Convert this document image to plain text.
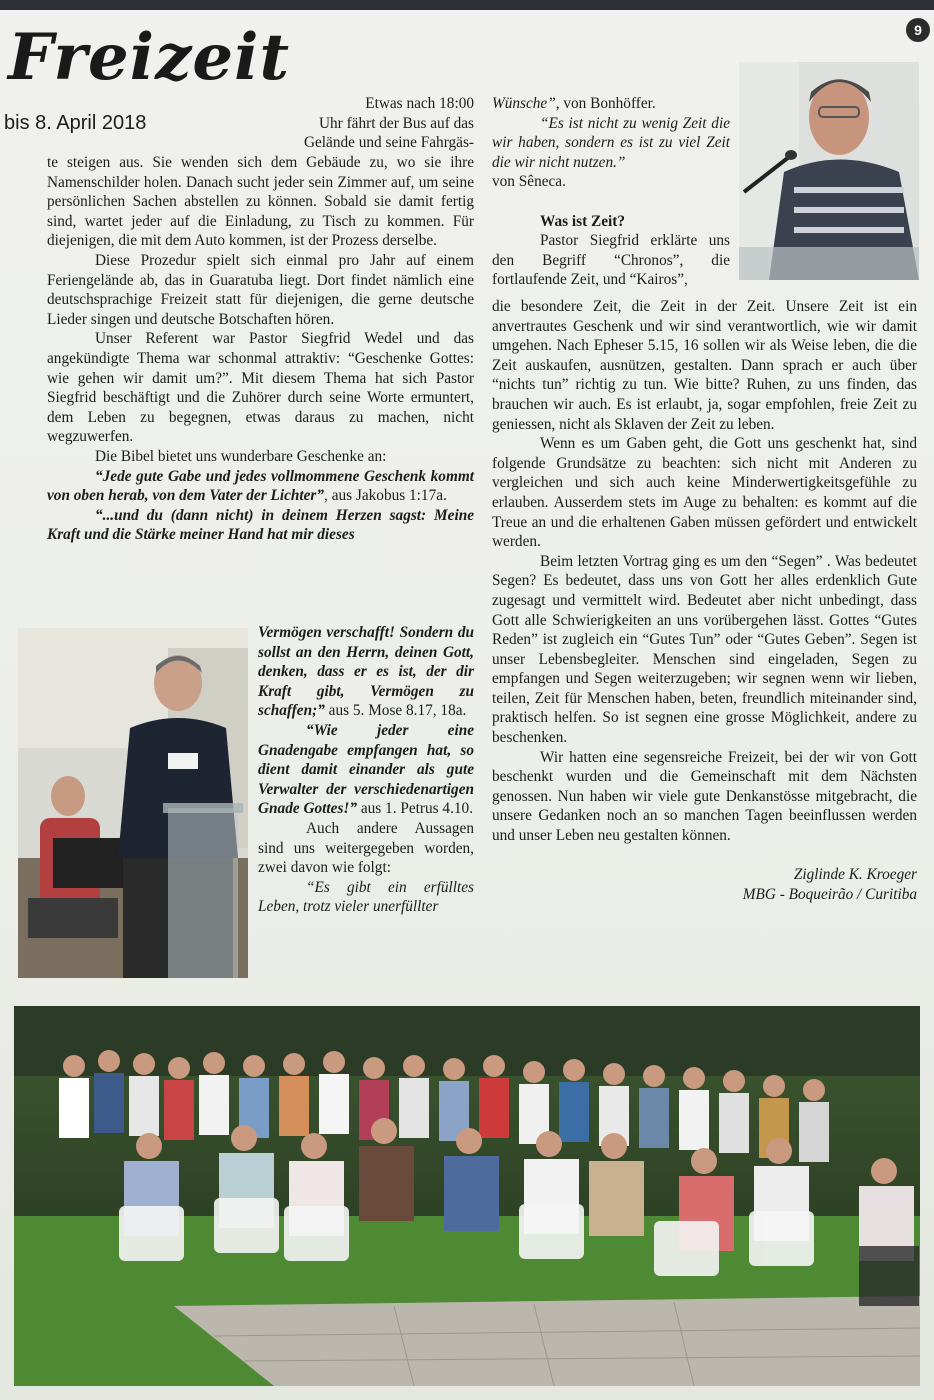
9
Freizeit
bis 8. April 2018

Etwas nach 18:00

Uhr fährt der Bus auf das

Gelände und seine Fahrgäs-

te steigen aus. Sie wenden sich dem Gebäude zu, wo sie ihre Namenschilder holen. Danach sucht jeder sein Zimmer auf, um seine persönlichen Sachen abstellen zu können. Sobald sie damit fertig sind, wartet jeder auf die Einladung, zu Tisch zu kommen. Für diejenigen, die mit dem Auto kommen, ist der Prozess derselbe.

Diese Prozedur spielt sich einmal pro Jahr auf einem Feriengelände ab, das in Guaratuba liegt. Dort findet nämlich eine deutschsprachige Freizeit statt für diejenigen, die gerne deutsche Lieder singen und deutsche Botschaften hören.

Unser Referent war Pastor Siegfrid Wedel und das angekündigte Thema war schonmal attraktiv: “Geschenke Gottes: wie gehen wir damit um?”. Mit diesem Thema hat sich Pastor Siegfrid beschäftigt und die Zuhörer durch seine Worte ermuntert, dem Leben zu begegnen, etwas daraus zu machen, nicht wegzuwerfen.

Die Bibel bietet uns wunderbare Geschenke an:

“Jede gute Gabe und jedes vollmommene Geschenk kommt von oben herab, von dem Vater der Lichter”, aus Jakobus 1:17a.

“...und du (dann nicht) in deinem Herzen sagst: Meine Kraft und die Stärke meiner Hand hat mir dieses

Vermögen verschafft! Sondern du sollst an den Herrn, deinen Gott, denken, dass er es ist, der dir Kraft gibt, Vermögen zu schaffen;” aus 5. Mose 8.17, 18a.

“Wie jeder eine Gnadengabe empfangen hat, so dient damit einander als gute Verwalter der verschiedenartigen Gnade Gottes!” aus 1. Petrus 4.10.

Auch andere Aussagen sind uns weitergegeben worden, zwei davon wie folgt:

“Es gibt ein erfülltes Leben, trotz vieler unerfüllter

Wünsche”, von Bonhöffer.

“Es ist nicht zu wenig Zeit die wir haben, sondern es ist zu viel Zeit die wir nicht nutzen.”

von Sêneca.

Was ist Zeit?

Pastor Siegfrid erklärte uns den Begriff “Chronos”, die fortlaufende Zeit, und “Kairos”,

die besondere Zeit, die Zeit in der Zeit. Unsere Zeit ist ein anvertrautes Geschenk und wir sind verantwortlich, wie wir damit umgehen. Nach Epheser 5.15, 16 sollen wir als Weise leben, die die Zeit auskaufen, ausnützen, gestalten. Dann sprach er auch über “nichts tun” richtig zu tun. Wie bitte? Ruhen, zu uns finden, das brauchen wir auch. Es ist erlaubt, ja, sogar empfohlen, freie Zeit zu geniessen, nicht als Sklaven der Zeit zu leben.

Wenn es um Gaben geht, die Gott uns geschenkt hat, sind folgende Grundsätze zu beachten: sich nicht mit Anderen zu vergleichen und sich auch keine Minderwertigkeitsgefühle zu erlauben. Ausserdem stets im Auge zu behalten: es kommt auf die Treue an und die erhaltenen Gaben müssen gefördert und entwickelt werden.

Beim letzten Vortrag ging es um den “Segen” . Was bedeutet Segen? Es bedeutet, dass uns von Gott her alles erdenklich Gute zugesagt und vermittelt wird. Bedeutet aber nicht unbedingt, dass Gott alle Schwierigkeiten an uns vorübergehen lässt. Gottes “Gutes Reden” ist zugleich ein “Gutes Tun” oder “Gutes Geben”. Segen ist unser Lebensbegleiter. Menschen sind eingeladen, Segen zu empfangen und Segen weiterzugeben; wir segnen wenn wir lieben, teilen, Zeit für Menschen haben, beten, freundlich miteinander sind, praktisch helfen. So ist segnen eine grosse Möglichkeit, andere zu beschenken.

Wir hatten eine segensreiche Freizeit, bei der wir von Gott beschenkt wurden und die Gemeinschaft mit dem Nächsten genossen. Nun haben wir viele gute Denkanstösse mitgebracht, die unsere Gedanken noch an so manchen Tagen beeinflussen werden und unser Leben neu gestalten können.

Ziglinde K. Kroeger

MBG - Boqueirão / Curitiba
